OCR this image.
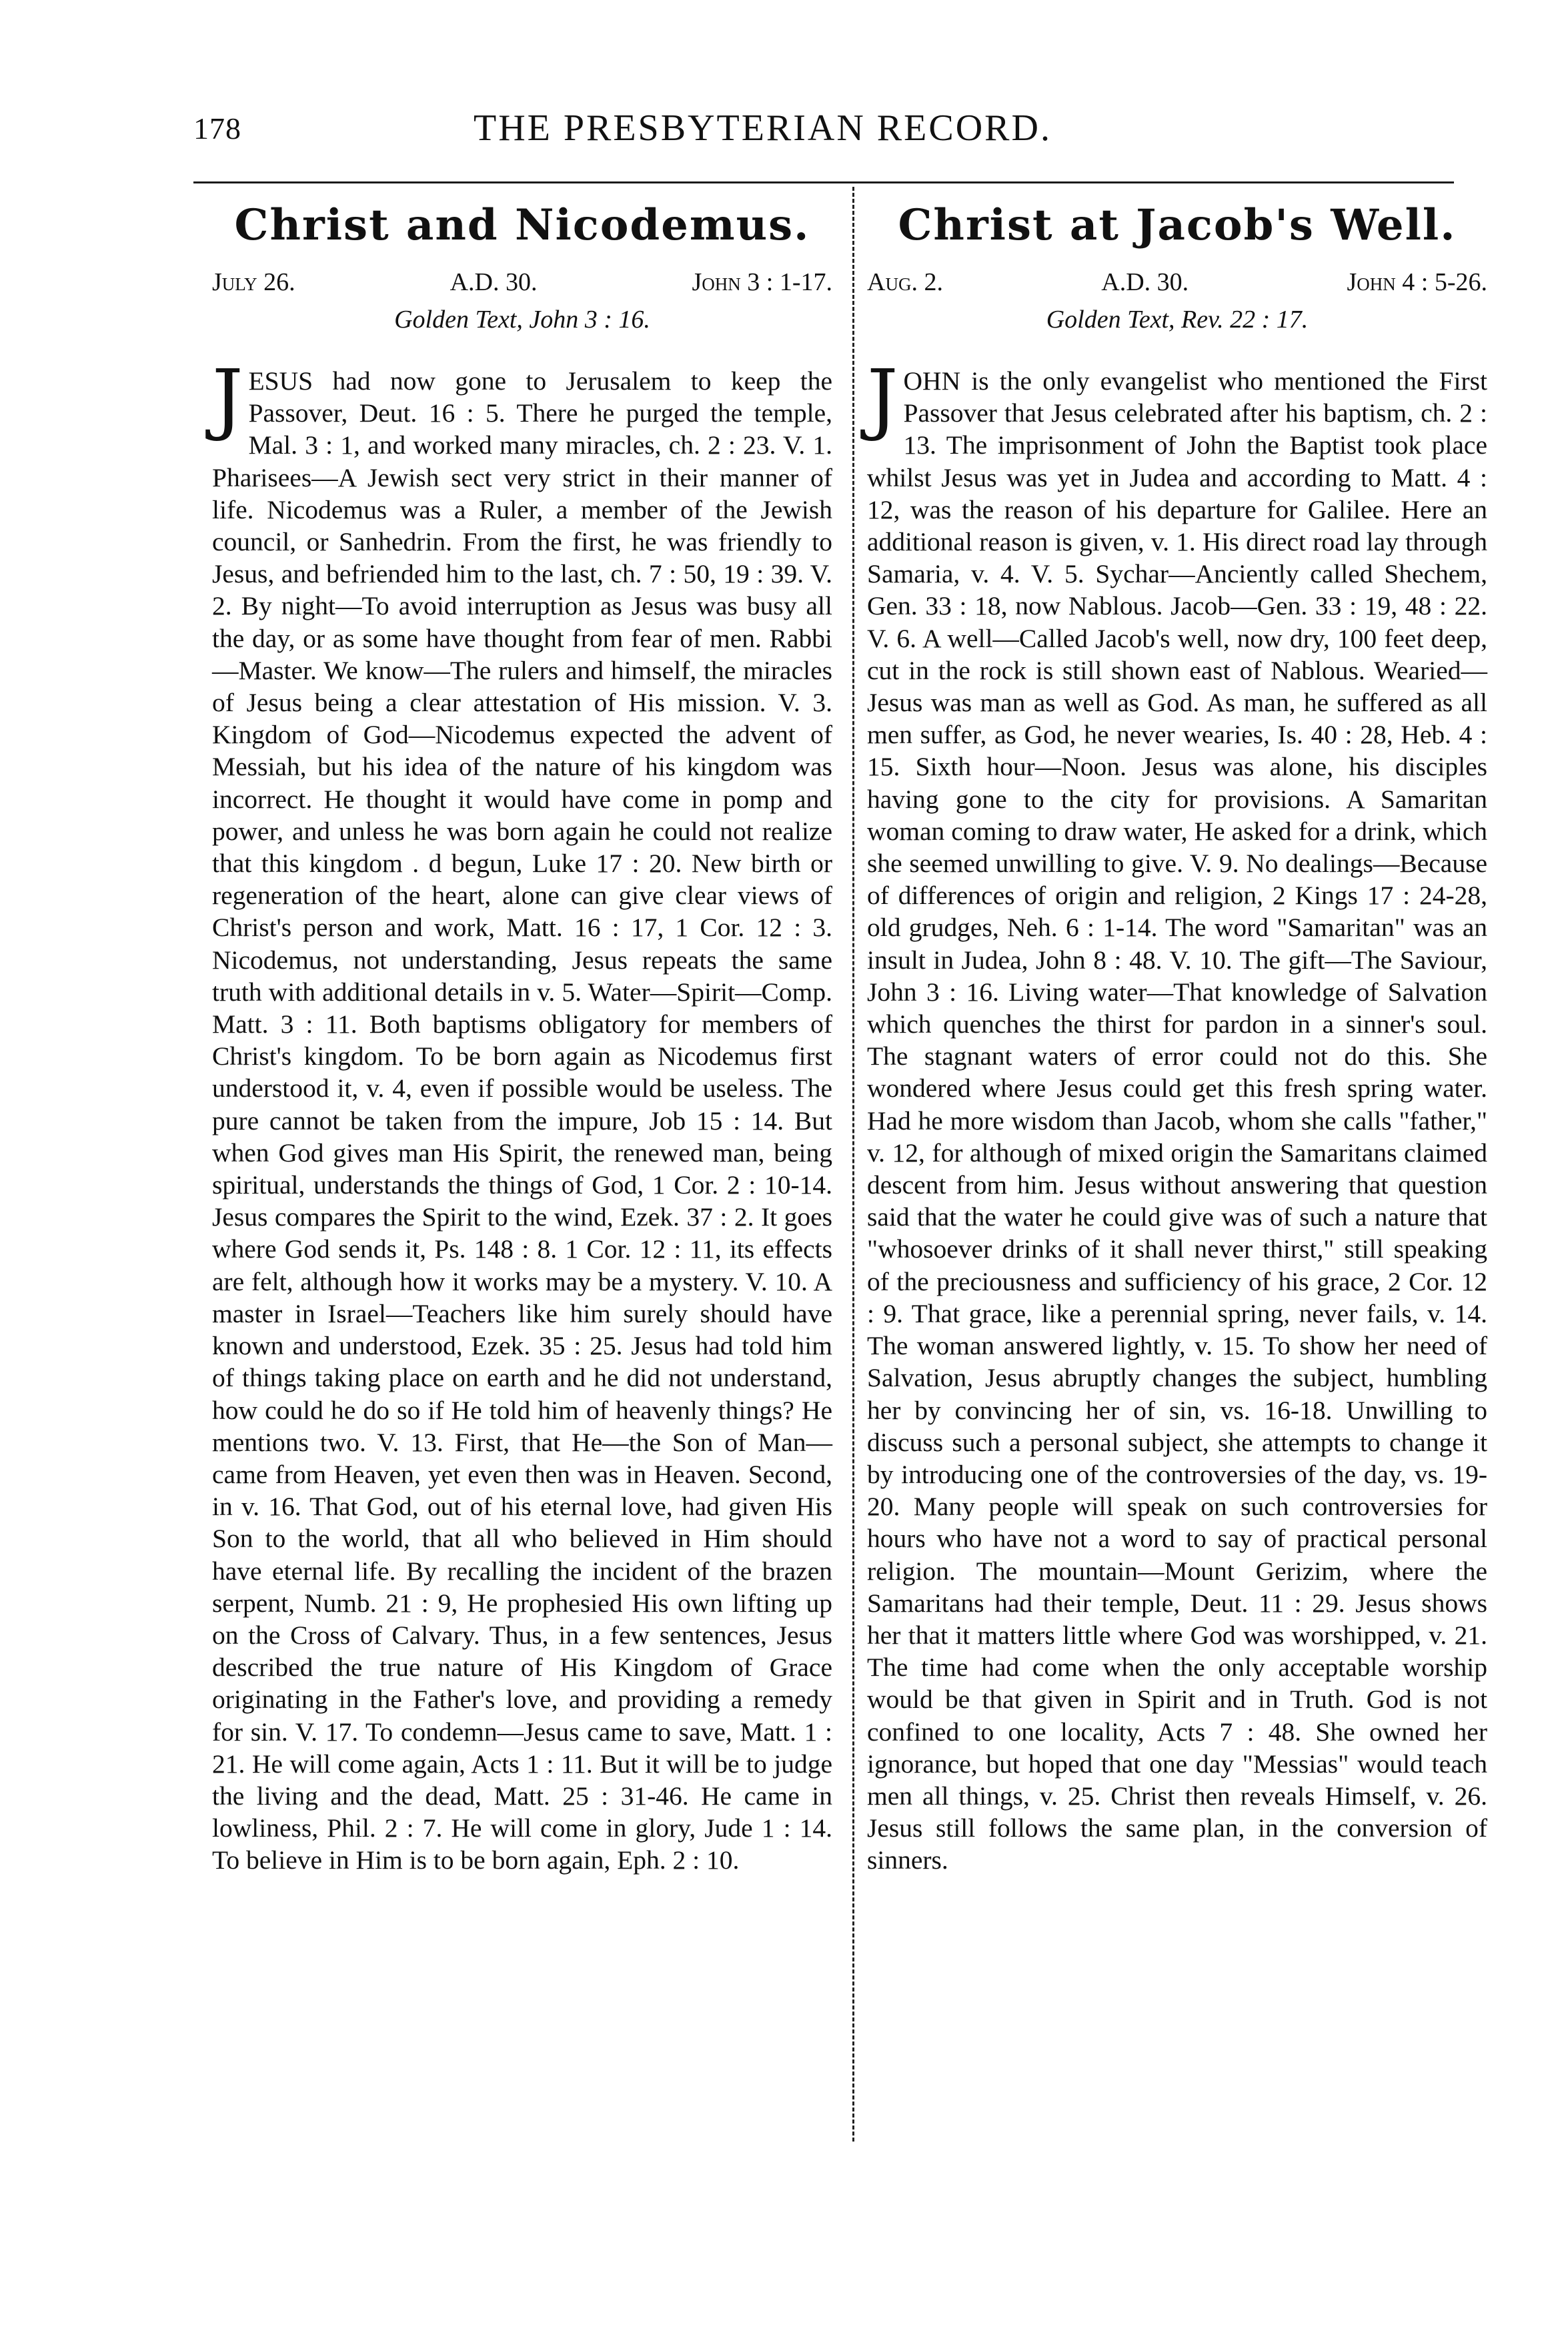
178	THE PRESBYTERIAN RECORD.
Christ and Nicodemus.
July 26.	A.D. 30.	John 3 : 1-17.
Golden Text, John 3 : 16.

JESUS had now gone to Jerusalem to keep the Passover, Deut. 16 : 5. There he purged the temple, Mal. 3 : 1, and worked many miracles, ch. 2 : 23. V. 1. Pharisees—A Jewish sect very strict in their manner of life. Nicodemus was a Ruler, a member of the Jewish council, or Sanhedrin. From the first, he was friendly to Jesus, and befriended him to the last, ch. 7 : 50, 19 : 39. V. 2. By night—To avoid interruption as Jesus was busy all the day, or as some have thought from fear of men. Rabbi—Master. We know—The rulers and himself, the miracles of Jesus being a clear attestation of His mission. V. 3. Kingdom of God—Nicodemus expected the advent of Messiah, but his idea of the nature of his kingdom was incorrect. He thought it would have come in pomp and power, and unless he was born again he could not realize that this kingdom . d begun, Luke 17 : 20. New birth or regeneration of the heart, alone can give clear views of Christ's person and work, Matt. 16 : 17, 1 Cor. 12 : 3. Nicodemus, not understanding, Jesus repeats the same truth with additional details in v. 5. Water—Spirit—Comp. Matt. 3 : 11. Both baptisms obligatory for members of Christ's kingdom. To be born again as Nicodemus first understood it, v. 4, even if possible would be useless. The pure cannot be taken from the impure, Job 15 : 14. But when God gives man His Spirit, the renewed man, being spiritual, understands the things of God, 1 Cor. 2 : 10-14. Jesus compares the Spirit to the wind, Ezek. 37 : 2. It goes where God sends it, Ps. 148 : 8. 1 Cor. 12 : 11, its effects are felt, although how it works may be a mystery. V. 10. A master in Israel—Teachers like him surely should have known and understood, Ezek. 35 : 25. Jesus had told him of things taking place on earth and he did not understand, how could he do so if He told him of heavenly things? He mentions two. V. 13. First, that He—the Son of Man—came from Heaven, yet even then was in Heaven. Second, in v. 16. That God, out of his eternal love, had given His Son to the world, that all who believed in Him should have eternal life. By recalling the incident of the brazen serpent, Numb. 21 : 9, He prophesied His own lifting up on the Cross of Calvary. Thus, in a few sentences, Jesus described the true nature of His Kingdom of Grace originating in the Father's love, and providing a remedy for sin. V. 17. To condemn—Jesus came to save, Matt. 1 : 21. He will come again, Acts 1 : 11. But it will be to judge the living and the dead, Matt. 25 : 31-46. He came in lowliness, Phil. 2 : 7. He will come in glory, Jude 1 : 14. To believe in Him is to be born again, Eph. 2 : 10.

Christ at Jacob's Well.
Aug. 2.	A.D. 30.	John 4 : 5-26.
Golden Text, Rev. 22 : 17.

JOHN is the only evangelist who mentioned the First Passover that Jesus celebrated after his baptism, ch. 2 : 13. The imprisonment of John the Baptist took place whilst Jesus was yet in Judea and according to Matt. 4 : 12, was the reason of his departure for Galilee. Here an additional reason is given, v. 1. His direct road lay through Samaria, v. 4. V. 5. Sychar—Anciently called Shechem, Gen. 33 : 18, now Nablous. Jacob—Gen. 33 : 19, 48 : 22. V. 6. A well—Called Jacob's well, now dry, 100 feet deep, cut in the rock is still shown east of Nablous. Wearied—Jesus was man as well as God. As man, he suffered as all men suffer, as God, he never wearies, Is. 40 : 28, Heb. 4 : 15. Sixth hour—Noon. Jesus was alone, his disciples having gone to the city for provisions. A Samaritan woman coming to draw water, He asked for a drink, which she seemed unwilling to give. V. 9. No dealings—Because of differences of origin and religion, 2 Kings 17 : 24-28, old grudges, Neh. 6 : 1-14. The word "Samaritan" was an insult in Judea, John 8 : 48. V. 10. The gift—The Saviour, John 3 : 16. Living water—That knowledge of Salvation which quenches the thirst for pardon in a sinner's soul. The stagnant waters of error could not do this. She wondered where Jesus could get this fresh spring water. Had he more wisdom than Jacob, whom she calls "father," v. 12, for although of mixed origin the Samaritans claimed descent from him. Jesus without answering that question said that the water he could give was of such a nature that "whosoever drinks of it shall never thirst," still speaking of the preciousness and sufficiency of his grace, 2 Cor. 12 : 9. That grace, like a perennial spring, never fails, v. 14. The woman answered lightly, v. 15. To show her need of Salvation, Jesus abruptly changes the subject, humbling her by convincing her of sin, vs. 16-18. Unwilling to discuss such a personal subject, she attempts to change it by introducing one of the controversies of the day, vs. 19-20. Many people will speak on such controversies for hours who have not a word to say of practical personal religion. The mountain—Mount Gerizim, where the Samaritans had their temple, Deut. 11 : 29. Jesus shows her that it matters little where God was worshipped, v. 21. The time had come when the only acceptable worship would be that given in Spirit and in Truth. God is not confined to one locality, Acts 7 : 48. She owned her ignorance, but hoped that one day "Messias" would teach men all things, v. 25. Christ then reveals Himself, v. 26. Jesus still follows the same plan, in the conversion of sinners.
